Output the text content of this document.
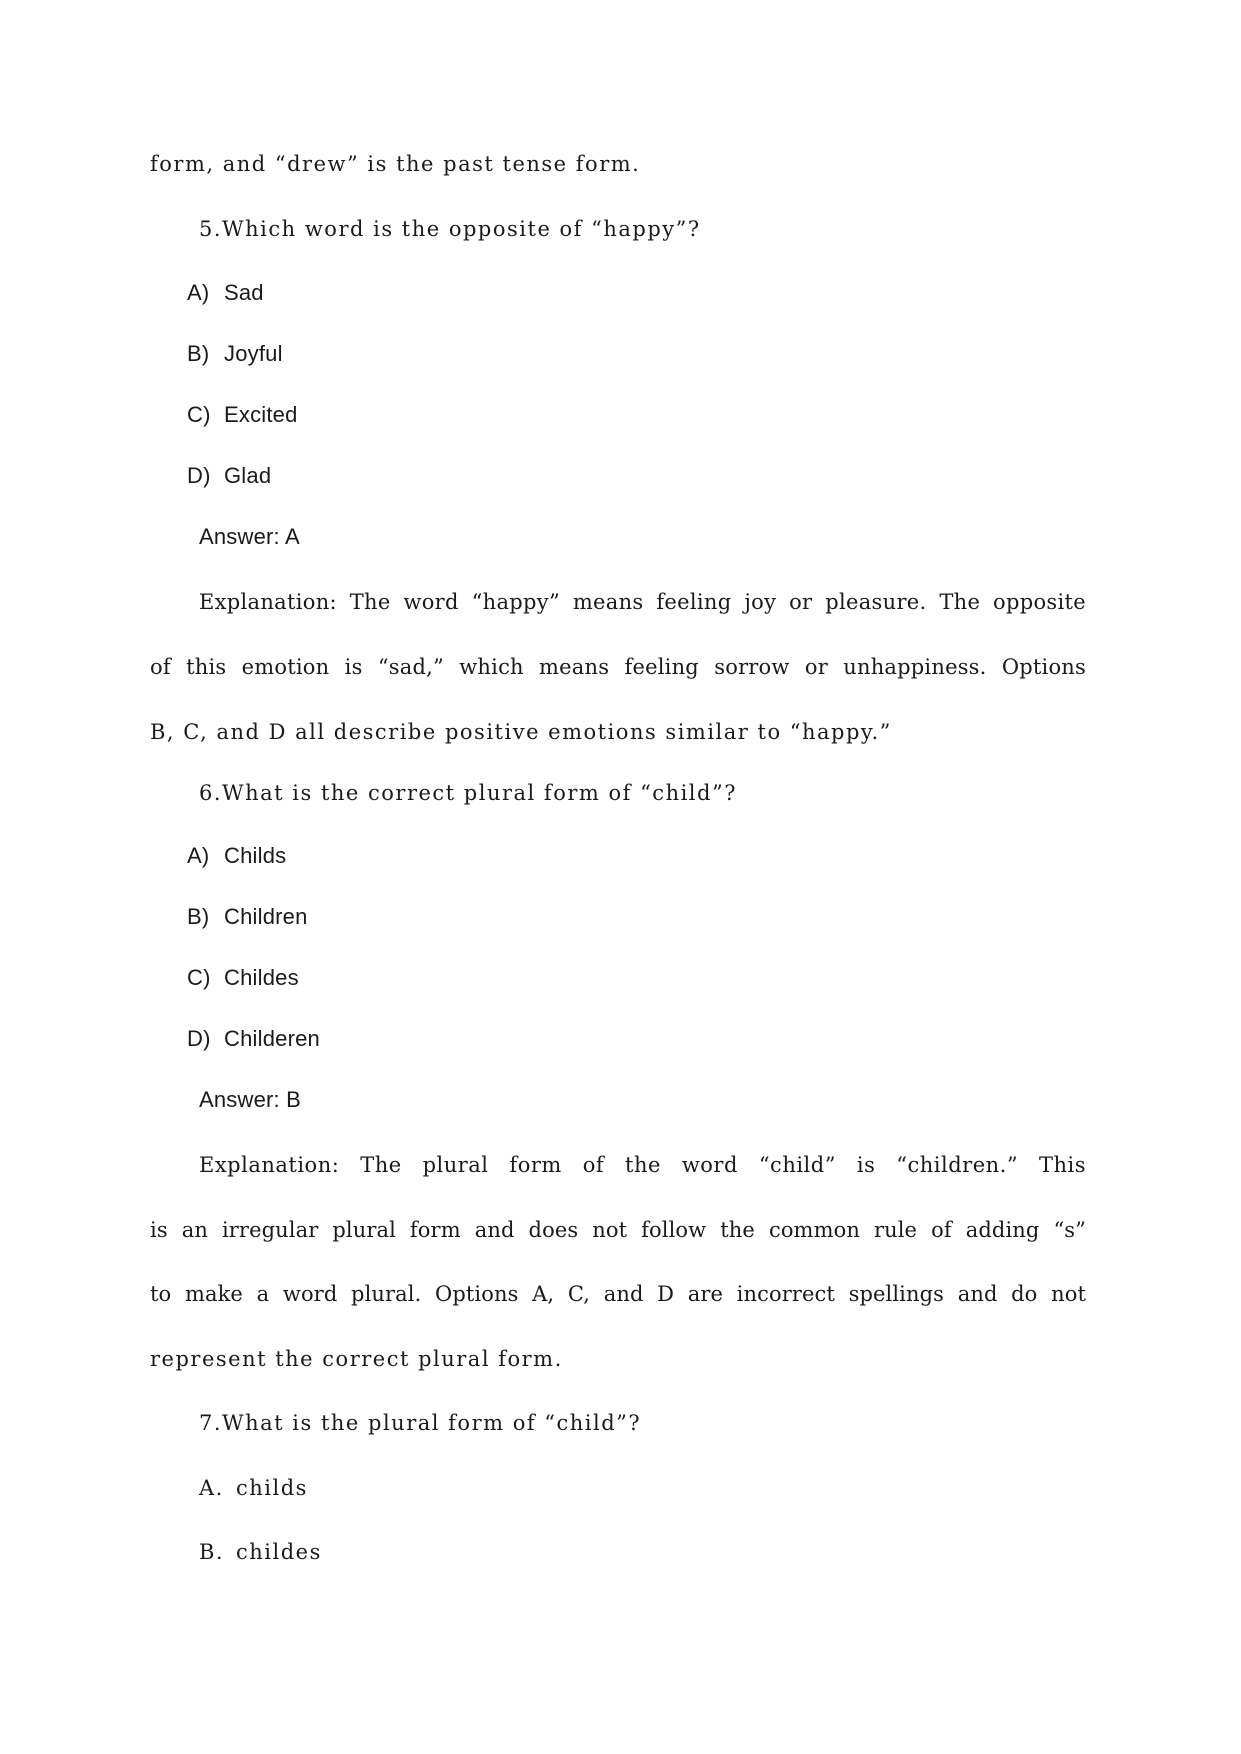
form, and “drew” is the past tense form.
5.Which word is the opposite of “happy”?
A) Sad
B) Joyful
C) Excited
D) Glad
Answer: A
Explanation: The word “happy” means feeling joy or pleasure. The opposite
of this emotion is “sad,” which means feeling sorrow or unhappiness. Options
B, C, and D all describe positive emotions similar to “happy.”
6.What is the correct plural form of “child”?
A) Childs
B) Children
C) Childes
D) Childeren
Answer: B
Explanation: The plural form of the word “child” is “children.” This
is an irregular plural form and does not follow the common rule of adding “s”
to make a word plural. Options A, C, and D are incorrect spellings and do not
represent the correct plural form.
7.What is the plural form of “child”?
A. childs
B. childes
